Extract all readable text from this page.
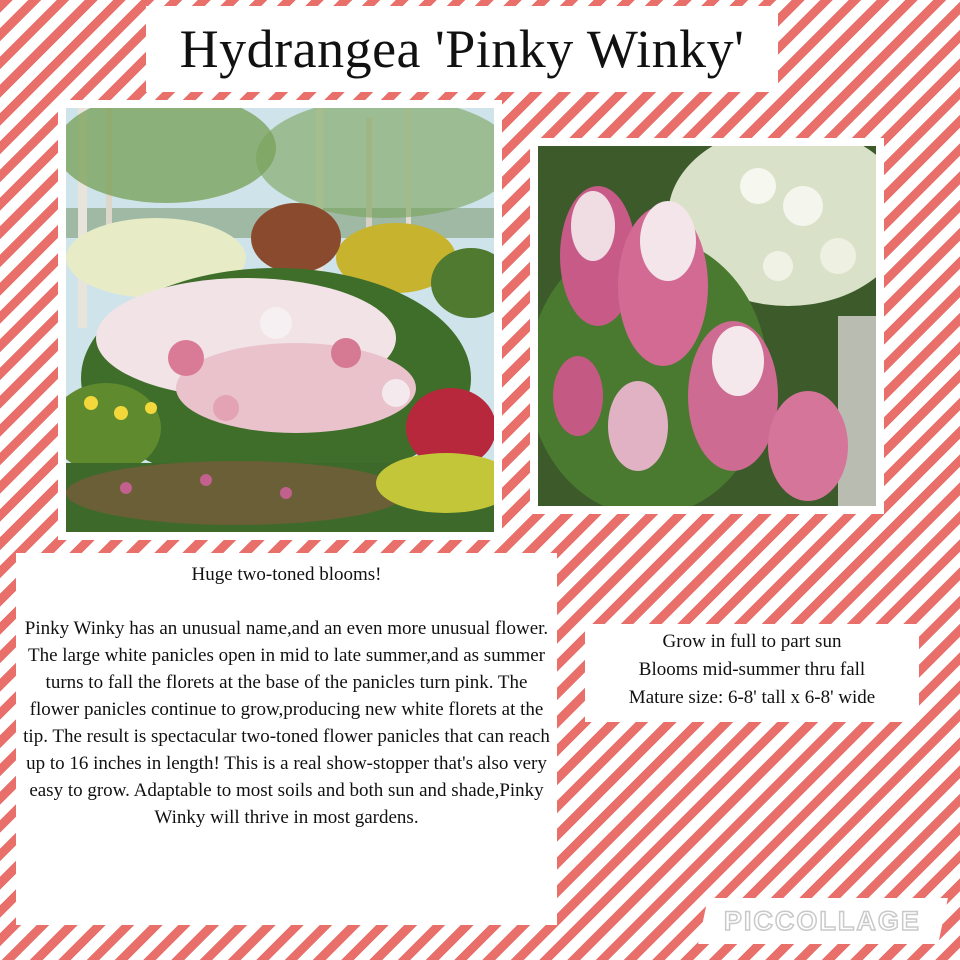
Hydrangea 'Pinky Winky'

Huge two-toned blooms!

Pinky Winky has an unusual name,and an even more unusual flower. The large white panicles open in mid to late summer,and as summer turns to fall the florets at the base of the panicles turn pink. The flower panicles continue to grow,producing new white florets at the tip. The result is spectacular two-toned flower panicles that can reach up to 16 inches in length! This is a real show-stopper that's also very easy to grow. Adaptable to most soils and both sun and shade,Pinky Winky will thrive in most gardens.

Grow in full to part sun
Blooms mid-summer thru fall
Mature size: 6-8' tall x 6-8' wide
PICCOLLAGE
